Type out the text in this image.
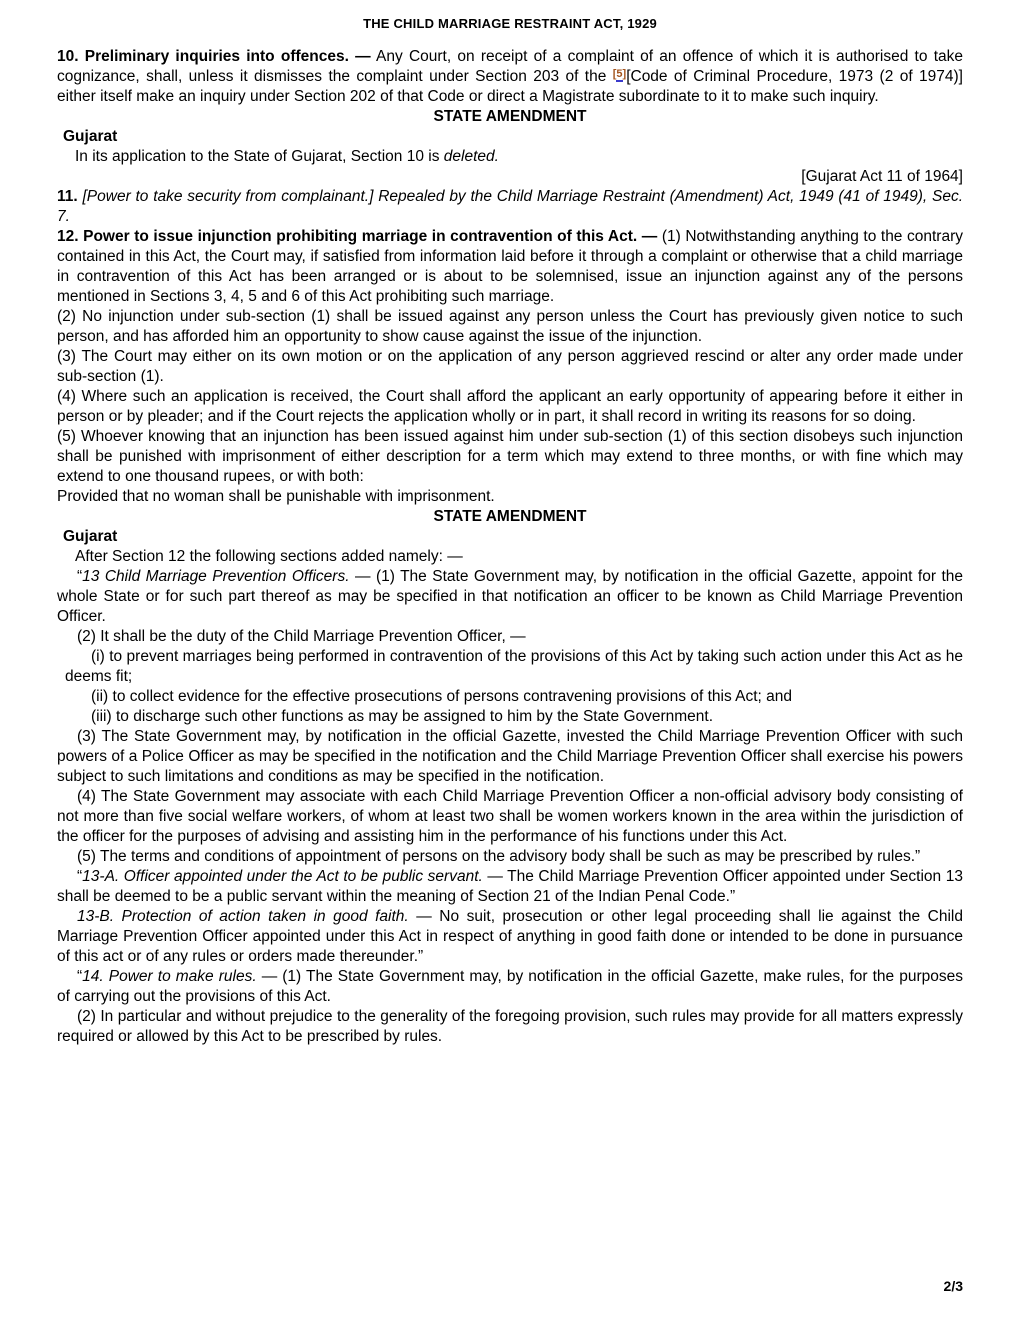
THE CHILD MARRIAGE RESTRAINT ACT, 1929

10. Preliminary inquiries into offences. — Any Court, on receipt of a complaint of an offence of which it is authorised to take cognizance, shall, unless it dismisses the complaint under Section 203 of the [5][Code of Criminal Procedure, 1973 (2 of 1974)] either itself make an inquiry under Section 202 of that Code or direct a Magistrate subordinate to it to make such inquiry.

STATE AMENDMENT

Gujarat

In its application to the State of Gujarat, Section 10 is deleted.

[Gujarat Act 11 of 1964]

11. [Power to take security from complainant.] Repealed by the Child Marriage Restraint (Amendment) Act, 1949 (41 of 1949), Sec. 7.

12. Power to issue injunction prohibiting marriage in contravention of this Act. — (1) Notwithstanding anything to the contrary contained in this Act, the Court may, if satisfied from information laid before it through a complaint or otherwise that a child marriage in contravention of this Act has been arranged or is about to be solemnised, issue an injunction against any of the persons mentioned in Sections 3, 4, 5 and 6 of this Act prohibiting such marriage.

(2) No injunction under sub-section (1) shall be issued against any person unless the Court has previously given notice to such person, and has afforded him an opportunity to show cause against the issue of the injunction.

(3) The Court may either on its own motion or on the application of any person aggrieved rescind or alter any order made under sub-section (1).

(4) Where such an application is received, the Court shall afford the applicant an early opportunity of appearing before it either in person or by pleader; and if the Court rejects the application wholly or in part, it shall record in writing its reasons for so doing.

(5) Whoever knowing that an injunction has been issued against him under sub-section (1) of this section disobeys such injunction shall be punished with imprisonment of either description for a term which may extend to three months, or with fine which may extend to one thousand rupees, or with both:

Provided that no woman shall be punishable with imprisonment.

STATE AMENDMENT

Gujarat

After Section 12 the following sections added namely: —

“13 Child Marriage Prevention Officers. — (1) The State Government may, by notification in the official Gazette, appoint for the whole State or for such part thereof as may be specified in that notification an officer to be known as Child Marriage Prevention Officer.

(2) It shall be the duty of the Child Marriage Prevention Officer, —

(i) to prevent marriages being performed in contravention of the provisions of this Act by taking such action under this Act as he deems fit;

(ii) to collect evidence for the effective prosecutions of persons contravening provisions of this Act; and

(iii) to discharge such other functions as may be assigned to him by the State Government.

(3) The State Government may, by notification in the official Gazette, invested the Child Marriage Prevention Officer with such powers of a Police Officer as may be specified in the notification and the Child Marriage Prevention Officer shall exercise his powers subject to such limitations and conditions as may be specified in the notification.

(4) The State Government may associate with each Child Marriage Prevention Officer a non-official advisory body consisting of not more than five social welfare workers, of whom at least two shall be women workers known in the area within the jurisdiction of the officer for the purposes of advising and assisting him in the performance of his functions under this Act.

(5) The terms and conditions of appointment of persons on the advisory body shall be such as may be prescribed by rules.”

“13-A. Officer appointed under the Act to be public servant. — The Child Marriage Prevention Officer appointed under Section 13 shall be deemed to be a public servant within the meaning of Section 21 of the Indian Penal Code.”

13-B. Protection of action taken in good faith. — No suit, prosecution or other legal proceeding shall lie against the Child Marriage Prevention Officer appointed under this Act in respect of anything in good faith done or intended to be done in pursuance of this act or of any rules or orders made thereunder.”

“14. Power to make rules. — (1) The State Government may, by notification in the official Gazette, make rules, for the purposes of carrying out the provisions of this Act.

(2) In particular and without prejudice to the generality of the foregoing provision, such rules may provide for all matters expressly required or allowed by this Act to be prescribed by rules.

2/3
